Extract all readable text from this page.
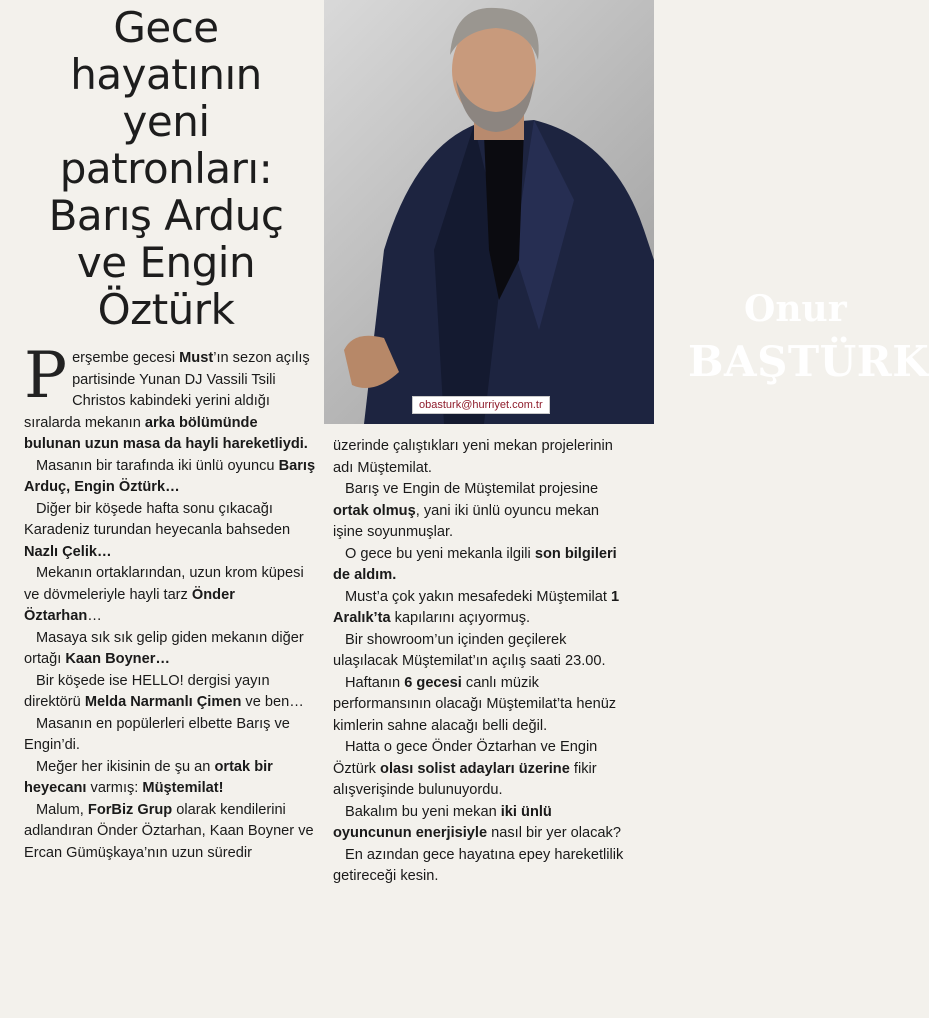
Gece
hayatının
yeni
patronları:
Barış Arduç
ve Engin
Öztürk	Onur
BAŞTÜRK
obasturk@hurriyet.com.tr

Perşembe gecesi Must’ın sezon açılış partisinde Yunan DJ Vassili Tsili Christos kabindeki yerini aldığı sıralarda mekanın arka bölümünde bulunan uzun masa da hayli hareketliydi.

Masanın bir tarafında iki ünlü oyuncu Barış Arduç, Engin Öztürk…

Diğer bir köşede hafta sonu çıkacağı Karadeniz turundan heyecanla bahseden Nazlı Çelik…

Mekanın ortaklarından, uzun krom küpesi ve dövmeleriyle hayli tarz Önder Öztarhan…

Masaya sık sık gelip giden mekanın diğer ortağı Kaan Boyner…

Bir köşede ise HELLO! dergisi yayın direktörü Melda Narmanlı Çimen ve ben…

Masanın en popülerleri elbette Barış ve Engin’di.

Meğer her ikisinin de şu an ortak bir heyecanı varmış: Müştemilat!

Malum, ForBiz Grup olarak kendilerini adlandıran Önder Öztarhan, Kaan Boyner ve Ercan Gümüşkaya’nın uzun süredir

üzerinde çalıştıkları yeni mekan projelerinin adı Müştemilat.

Barış ve Engin de Müştemilat projesine ortak olmuş, yani iki ünlü oyuncu mekan işine soyunmuşlar.

O gece bu yeni mekanla ilgili son bilgileri de aldım.

Must’a çok yakın mesafedeki Müştemilat 1 Aralık’ta kapılarını açıyormuş.

Bir showroom’un içinden geçilerek ulaşılacak Müştemilat’ın açılış saati 23.00.

Haftanın 6 gecesi canlı müzik performansının olacağı Müştemilat’ta henüz kimlerin sahne alacağı belli değil.

Hatta o gece Önder Öztarhan ve Engin Öztürk olası solist adayları üzerine fikir alışverişinde bulunuyordu.

Bakalım bu yeni mekan iki ünlü oyuncunun enerjisiyle nasıl bir yer olacak?

En azından gece hayatına epey hareketlilik getireceği kesin.
